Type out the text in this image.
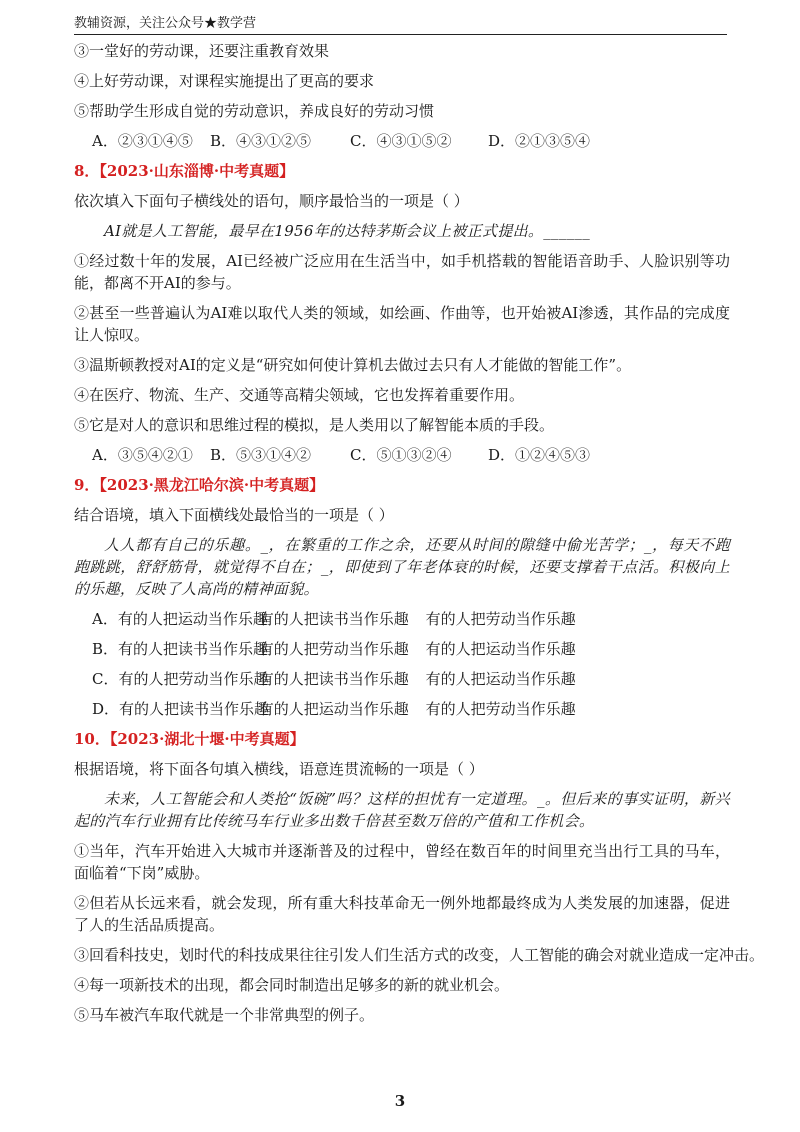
教辅资源，关注公众号★教学营

③一堂好的劳动课，还要注重教育效果

④上好劳动课，对课程实施提出了更高的要求

⑤帮助学生形成自觉的劳动意识，养成良好的劳动习惯

A．②③①④⑤	B．④③①②⑤	C．④③①⑤②	D．②①③⑤④

8．【2023·山东淄博·中考真题】

依次填入下面句子横线处的语句，顺序最恰当的一项是（ ）

AI就是人工智能，最早在1956年的达特茅斯会议上被正式提出。______

①经过数十年的发展，AI已经被广泛应用在生活当中，如手机搭载的智能语音助手、人脸识别等功能，都离不开AI的参与。

②甚至一些普遍认为AI难以取代人类的领域，如绘画、作曲等，也开始被AI渗透，其作品的完成度让人惊叹。

③温斯顿教授对AI的定义是“研究如何使计算机去做过去只有人才能做的智能工作”。

④在医疗、物流、生产、交通等高精尖领域，它也发挥着重要作用。

⑤它是对人的意识和思维过程的模拟，是人类用以了解智能本质的手段。

A．③⑤④②①	B．⑤③①④②	C．⑤①③②④	D．①②④⑤③

9．【2023·黑龙江哈尔滨·中考真题】

结合语境，填入下面横线处最恰当的一项是（ ）

人人都有自己的乐趣。_，在繁重的工作之余，还要从时间的隙缝中偷光苦学；_，每天不跑跑跳跳，舒舒筋骨，就觉得不自在；_，即使到了年老体衰的时候，还要支撑着干点活。积极向上的乐趣，反映了人高尚的精神面貌。

A．有的人把运动当作乐趣 有的人把读书当作乐趣 有的人把劳动当作乐趣
B．有的人把读书当作乐趣 有的人把劳动当作乐趣 有的人把运动当作乐趣
C．有的人把劳动当作乐趣 有的人把读书当作乐趣 有的人把运动当作乐趣
D．有的人把读书当作乐趣 有的人把运动当作乐趣 有的人把劳动当作乐趣

10．【2023·湖北十堰·中考真题】

根据语境，将下面各句填入横线，语意连贯流畅的一项是（ ）

未来，人工智能会和人类抢“饭碗”吗？这样的担忧有一定道理。_。但后来的事实证明，新兴起的汽车行业拥有比传统马车行业多出数千倍甚至数万倍的产值和工作机会。

①当年，汽车开始进入大城市并逐渐普及的过程中，曾经在数百年的时间里充当出行工具的马车，面临着“下岗”威胁。

②但若从长远来看，就会发现，所有重大科技革命无一例外地都最终成为人类发展的加速器，促进了人的生活品质提高。

③回看科技史，划时代的科技成果往往引发人们生活方式的改变，人工智能的确会对就业造成一定冲击。

④每一项新技术的出现，都会同时制造出足够多的新的就业机会。

⑤马车被汽车取代就是一个非常典型的例子。

3
